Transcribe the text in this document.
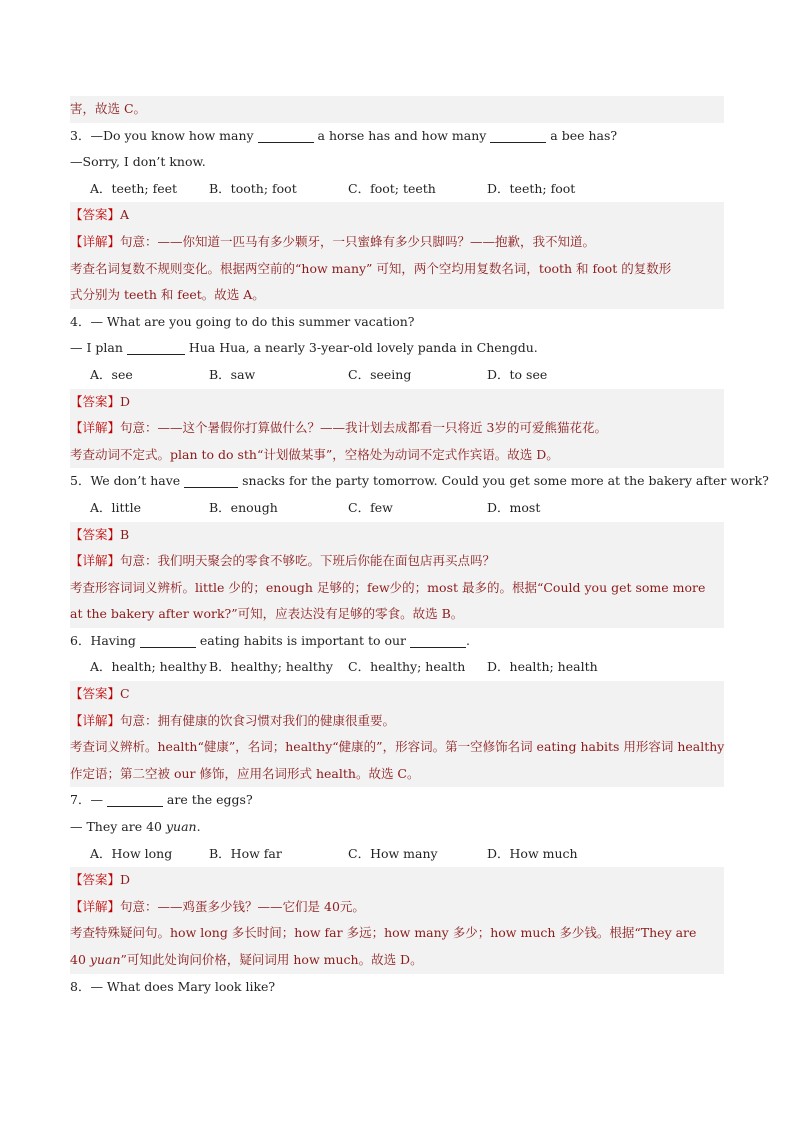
害，故选 C。
3．—Do you know how many	a horse has and how many	a bee has?
—Sorry, I don’t know.
A．teeth; feet	B．tooth; foot	C．foot; teeth	D．teeth; foot
【答案】A
【详解】句意：——你知道一匹马有多少颗牙，一只蜜蜂有多少只脚吗？——抱歉，我不知道。
考查名词复数不规则变化。根据两空前的“how many” 可知，两个空均用复数名词，tooth 和 foot 的复数形
式分别为 teeth 和 feet。故选 A。
4．— What are you going to do this summer vacation?
— I plan	Hua Hua, a nearly 3-year-old lovely panda in Chengdu.
A．see	B．saw	C．seeing	D．to see
【答案】D
【详解】句意：——这个暑假你打算做什么？——我计划去成都看一只将近 3岁的可爱熊猫花花。
考查动词不定式。plan to do sth“计划做某事”，空格处为动词不定式作宾语。故选 D。
5．We don’t have	snacks for the party tomorrow. Could you get some more at the bakery after work?
A．little	B．enough	C．few	D．most
【答案】B
【详解】句意：我们明天聚会的零食不够吃。下班后你能在面包店再买点吗？
考查形容词词义辨析。little 少的；enough 足够的；few少的；most 最多的。根据“Could you get some more
at the bakery after work?”可知，应表达没有足够的零食。故选 B。
6．Having	eating habits is important to our	.
A．health; healthy B．healthy; healthy C．healthy; health D．health; health
【答案】C
【详解】句意：拥有健康的饮食习惯对我们的健康很重要。
考查词义辨析。health“健康”，名词；healthy“健康的”，形容词。第一空修饰名词 eating habits 用形容词 healthy
作定语；第二空被 our 修饰，应用名词形式 health。故选 C。
7．—	are the eggs?
— They are 40 yuan.
A．How long	B．How far	C．How many	D．How much
【答案】D
【详解】句意：——鸡蛋多少钱？——它们是 40元。
考查特殊疑问句。how long 多长时间；how far 多远；how many 多少；how much 多少钱。根据“They are
40 yuan”可知此处询问价格，疑问词用 how much。故选 D。
8．— What does Mary look like?
